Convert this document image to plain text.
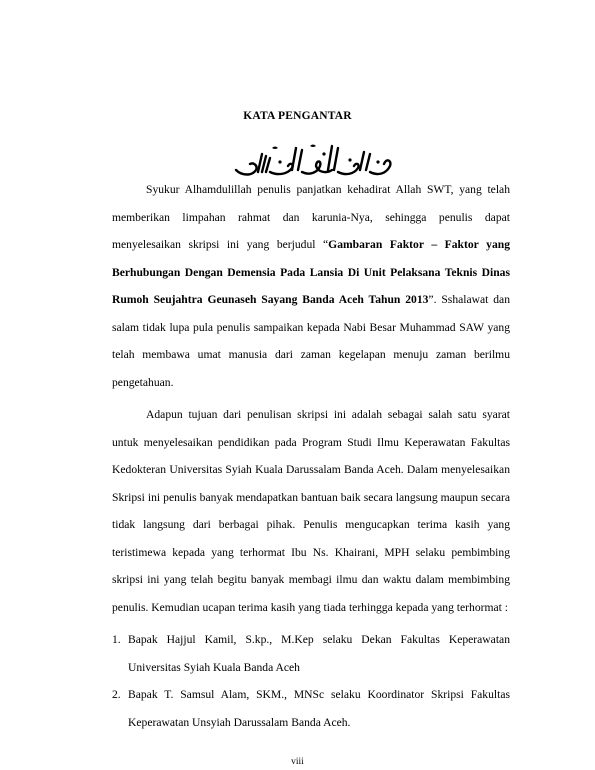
KATA PENGANTAR

Syukur Alhamdulillah penulis panjatkan kehadirat Allah SWT, yang telah memberikan limpahan rahmat dan karunia-Nya, sehingga penulis dapat menyelesaikan skripsi ini yang berjudul “Gambaran Faktor – Faktor yang Berhubungan Dengan Demensia Pada Lansia Di Unit Pelaksana Teknis Dinas Rumoh Seujahtra Geunaseh Sayang Banda Aceh Tahun 2013”. Sshalawat dan salam tidak lupa pula penulis sampaikan kepada Nabi Besar Muhammad SAW yang telah membawa umat manusia dari zaman kegelapan menuju zaman berilmu pengetahuan.

Adapun tujuan dari penulisan skripsi ini adalah sebagai salah satu syarat untuk menyelesaikan pendidikan pada Program Studi Ilmu Keperawatan Fakultas Kedokteran Universitas Syiah Kuala Darussalam Banda Aceh. Dalam menyelesaikan Skripsi ini penulis banyak mendapatkan bantuan baik secara langsung maupun secara tidak langsung dari berbagai pihak. Penulis mengucapkan terima kasih yang teristimewa kepada yang terhormat Ibu Ns. Khairani, MPH selaku pembimbing skripsi ini yang telah begitu banyak membagi ilmu dan waktu dalam membimbing penulis. Kemudian ucapan terima kasih yang tiada terhingga kepada yang terhormat :

1. Bapak Hajjul Kamil, S.kp., M.Kep selaku Dekan Fakultas Keperawatan Universitas Syiah Kuala Banda Aceh
2. Bapak T. Samsul Alam, SKM., MNSc selaku Koordinator Skripsi Fakultas Keperawatan Unsyiah Darussalam Banda Aceh.
viii
